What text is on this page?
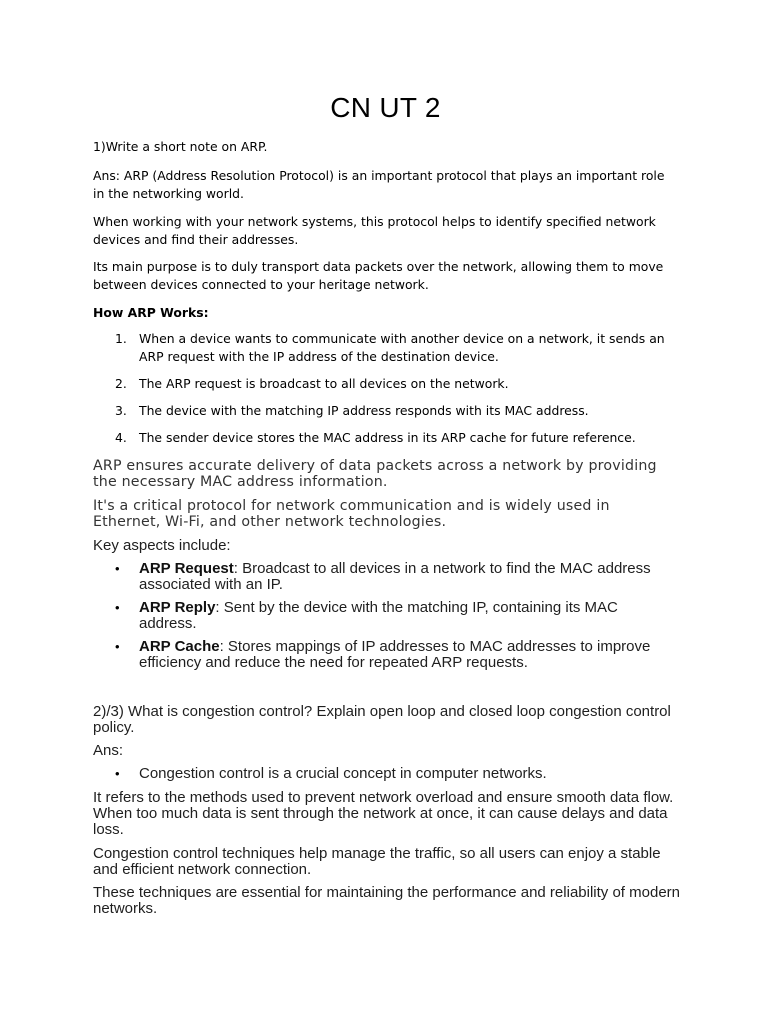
CN UT 2

1)Write a short note on ARP.

Ans: ARP (Address Resolution Protocol) is an important protocol that plays an important role in the networking world.

When working with your network systems, this protocol helps to identify specified network devices and find their addresses.

Its main purpose is to duly transport data packets over the network, allowing them to move between devices connected to your heritage network.

How ARP Works:

1. When a device wants to communicate with another device on a network, it sends an ARP request with the IP address of the destination device.
2. The ARP request is broadcast to all devices on the network.
3. The device with the matching IP address responds with its MAC address.
4. The sender device stores the MAC address in its ARP cache for future reference.

ARP ensures accurate delivery of data packets across a network by providing the necessary MAC address information.

It's a critical protocol for network communication and is widely used in Ethernet, Wi-Fi, and other network technologies.

Key aspects include:

• ARP Request: Broadcast to all devices in a network to find the MAC address associated with an IP.
• ARP Reply: Sent by the device with the matching IP, containing its MAC address.
• ARP Cache: Stores mappings of IP addresses to MAC addresses to improve efficiency and reduce the need for repeated ARP requests.

2)/3) What is congestion control? Explain open loop and closed loop congestion control policy.

Ans:

• Congestion control is a crucial concept in computer networks.

It refers to the methods used to prevent network overload and ensure smooth data flow. When too much data is sent through the network at once, it can cause delays and data loss.

Congestion control techniques help manage the traffic, so all users can enjoy a stable and efficient network connection.

These techniques are essential for maintaining the performance and reliability of modern networks.
